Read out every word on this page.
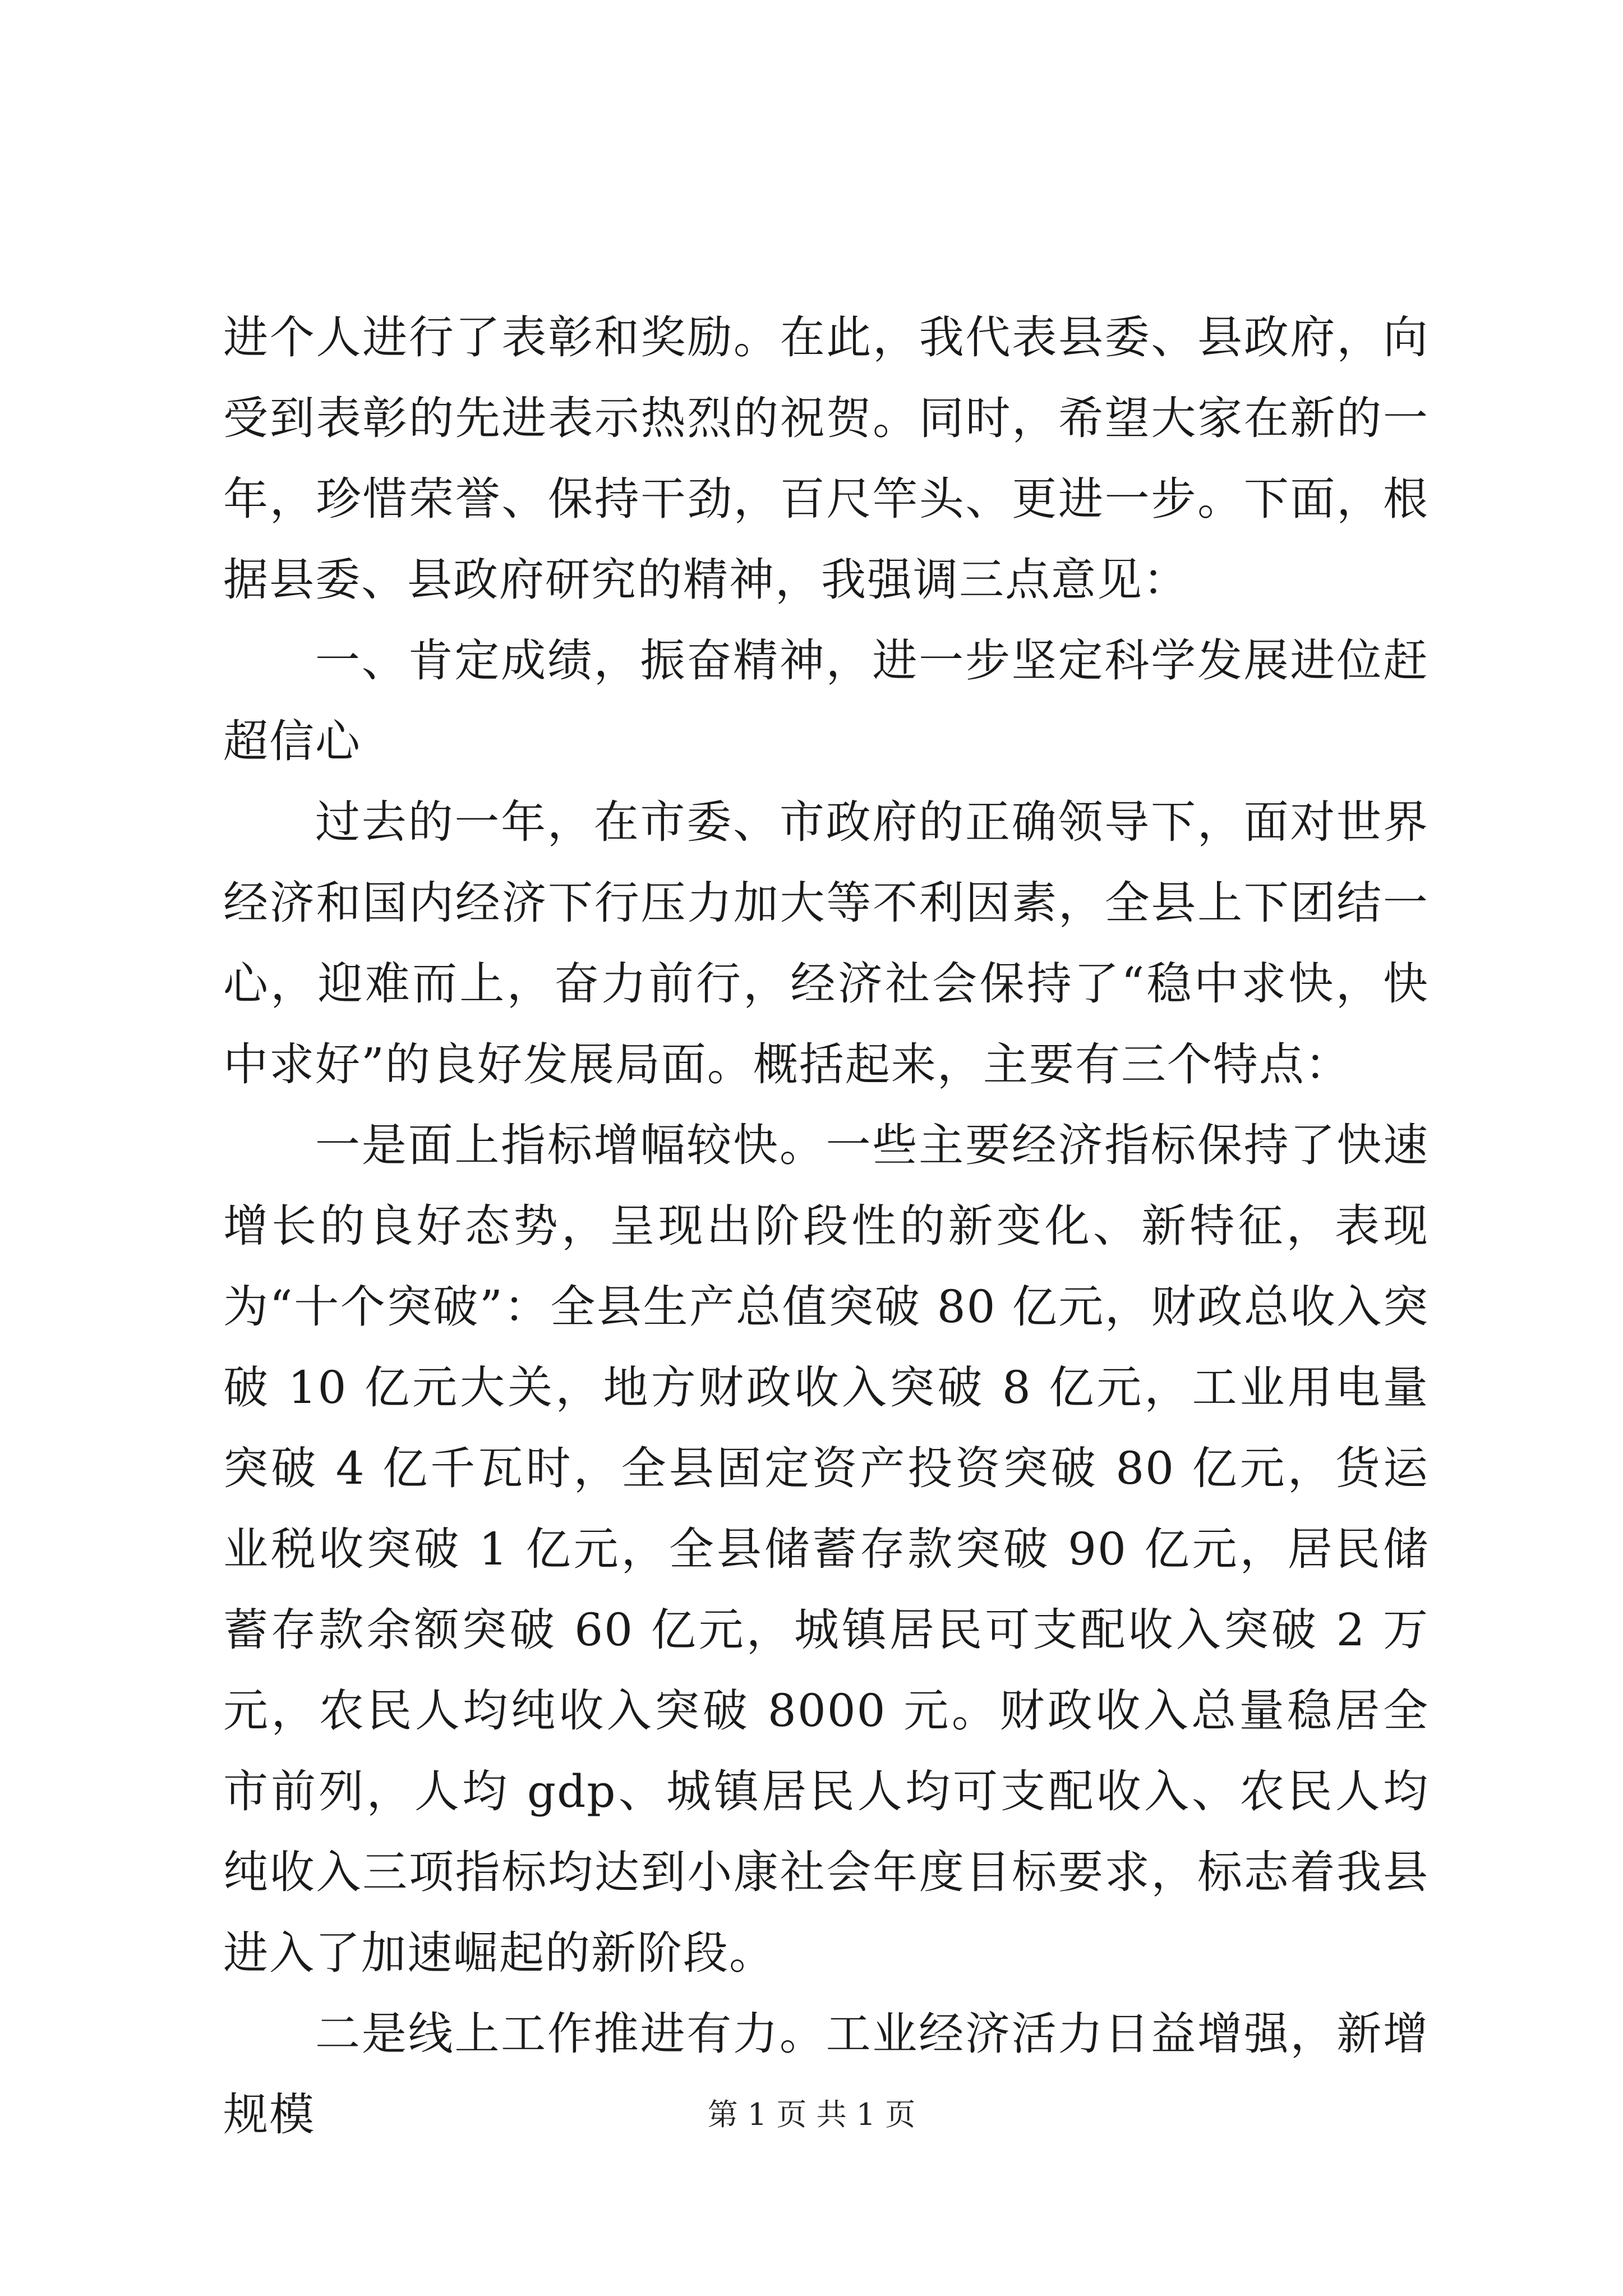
进个人进行了表彰和奖励。在此，我代表县委、县政府，向受到表彰的先进表示热烈的祝贺。同时，希望大家在新的一年，珍惜荣誉、保持干劲，百尺竿头、更进一步。下面，根据县委、县政府研究的精神，我强调三点意见：

一、肯定成绩，振奋精神，进一步坚定科学发展进位赶超信心

过去的一年，在市委、市政府的正确领导下，面对世界经济和国内经济下行压力加大等不利因素，全县上下团结一心，迎难而上，奋力前行，经济社会保持了“稳中求快，快中求好”的良好发展局面。概括起来，主要有三个特点：

一是面上指标增幅较快。一些主要经济指标保持了快速增长的良好态势，呈现出阶段性的新变化、新特征，表现为“十个突破”：全县生产总值突破 80 亿元，财政总收入突破 10 亿元大关，地方财政收入突破 8 亿元，工业用电量突破 4 亿千瓦时，全县固定资产投资突破 80 亿元，货运业税收突破 1 亿元，全县储蓄存款突破 90 亿元，居民储蓄存款余额突破 60 亿元，城镇居民可支配收入突破 2 万元，农民人均纯收入突破 8000 元。财政收入总量稳居全市前列，人均 gdp、城镇居民人均可支配收入、农民人均纯收入三项指标均达到小康社会年度目标要求，标志着我县进入了加速崛起的新阶段。

二是线上工作推进有力。工业经济活力日益增强，新增规模	第 1 页 共 1 页
